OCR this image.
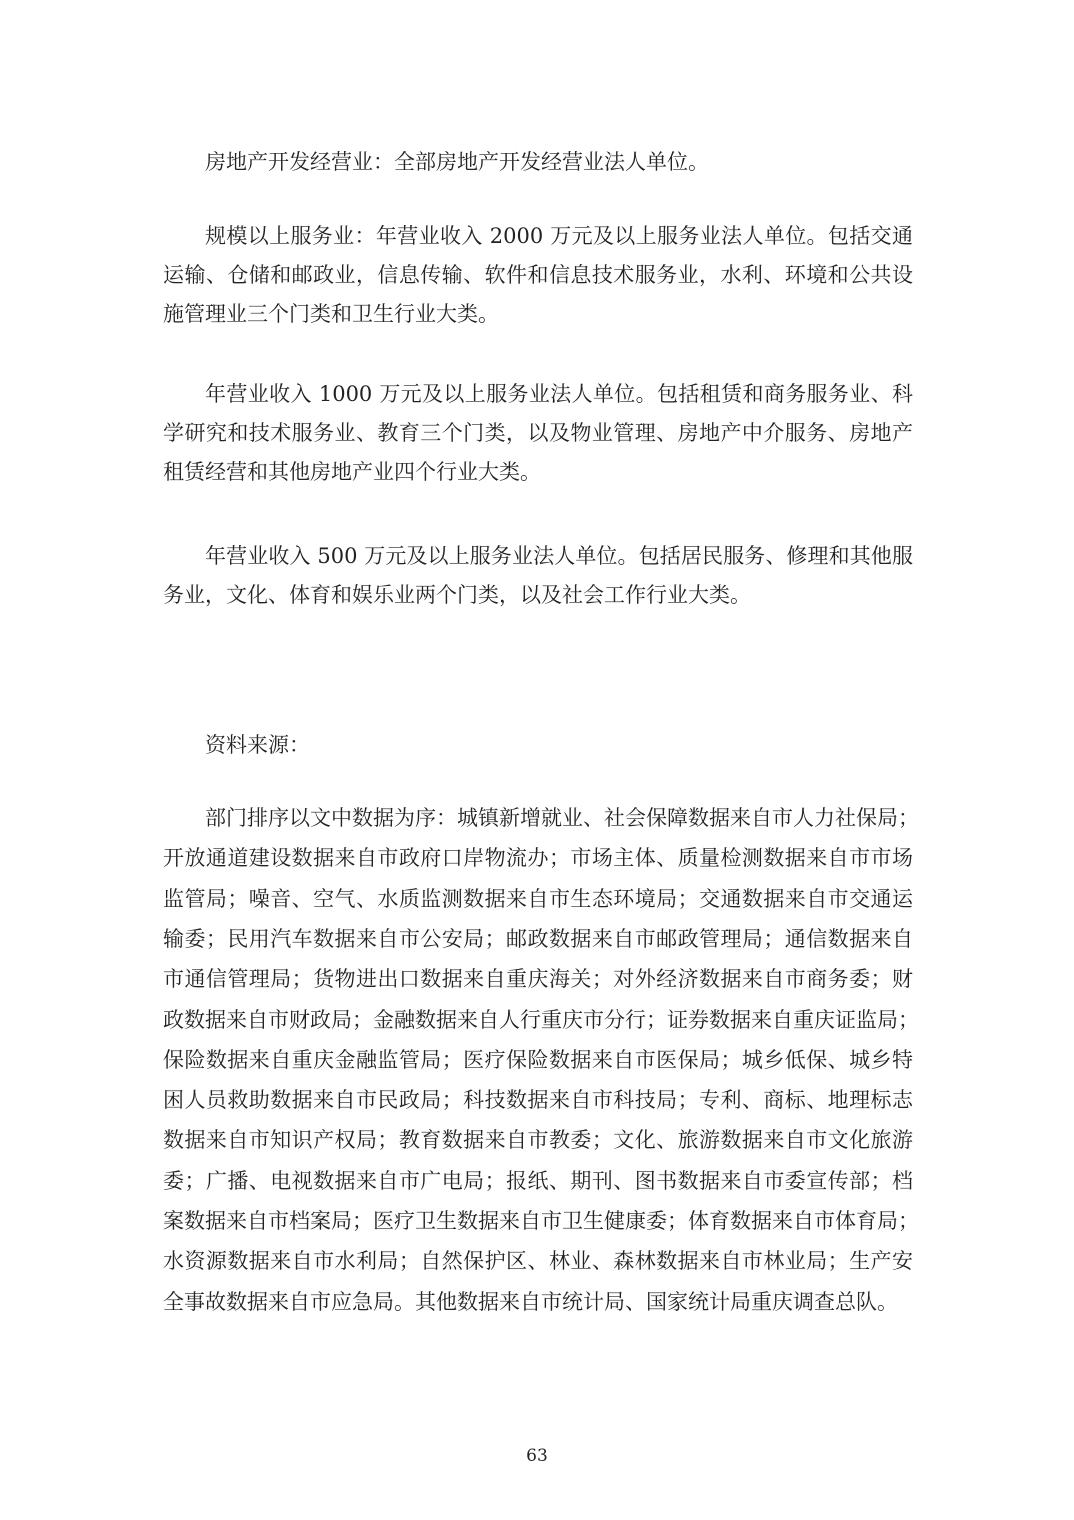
房地产开发经营业：全部房地产开发经营业法人单位。

规模以上服务业：年营业收入 2000 万元及以上服务业法人单位。包括交通

运输、仓储和邮政业，信息传输、软件和信息技术服务业，水利、环境和公共设

施管理业三个门类和卫生行业大类。

年营业收入 1000 万元及以上服务业法人单位。包括租赁和商务服务业、科

学研究和技术服务业、教育三个门类，以及物业管理、房地产中介服务、房地产

租赁经营和其他房地产业四个行业大类。

年营业收入 500 万元及以上服务业法人单位。包括居民服务、修理和其他服

务业，文化、体育和娱乐业两个门类，以及社会工作行业大类。

资料来源：

部门排序以文中数据为序：城镇新增就业、社会保障数据来自市人力社保局；

开放通道建设数据来自市政府口岸物流办；市场主体、质量检测数据来自市市场

监管局；噪音、空气、水质监测数据来自市生态环境局；交通数据来自市交通运

输委；民用汽车数据来自市公安局；邮政数据来自市邮政管理局；通信数据来自

市通信管理局；货物进出口数据来自重庆海关；对外经济数据来自市商务委；财

政数据来自市财政局；金融数据来自人行重庆市分行；证券数据来自重庆证监局；

保险数据来自重庆金融监管局；医疗保险数据来自市医保局；城乡低保、城乡特

困人员救助数据来自市民政局；科技数据来自市科技局；专利、商标、地理标志

数据来自市知识产权局；教育数据来自市教委；文化、旅游数据来自市文化旅游

委；广播、电视数据来自市广电局；报纸、期刊、图书数据来自市委宣传部；档

案数据来自市档案局；医疗卫生数据来自市卫生健康委；体育数据来自市体育局；

水资源数据来自市水利局；自然保护区、林业、森林数据来自市林业局；生产安

全事故数据来自市应急局。其他数据来自市统计局、国家统计局重庆调查总队。

63
